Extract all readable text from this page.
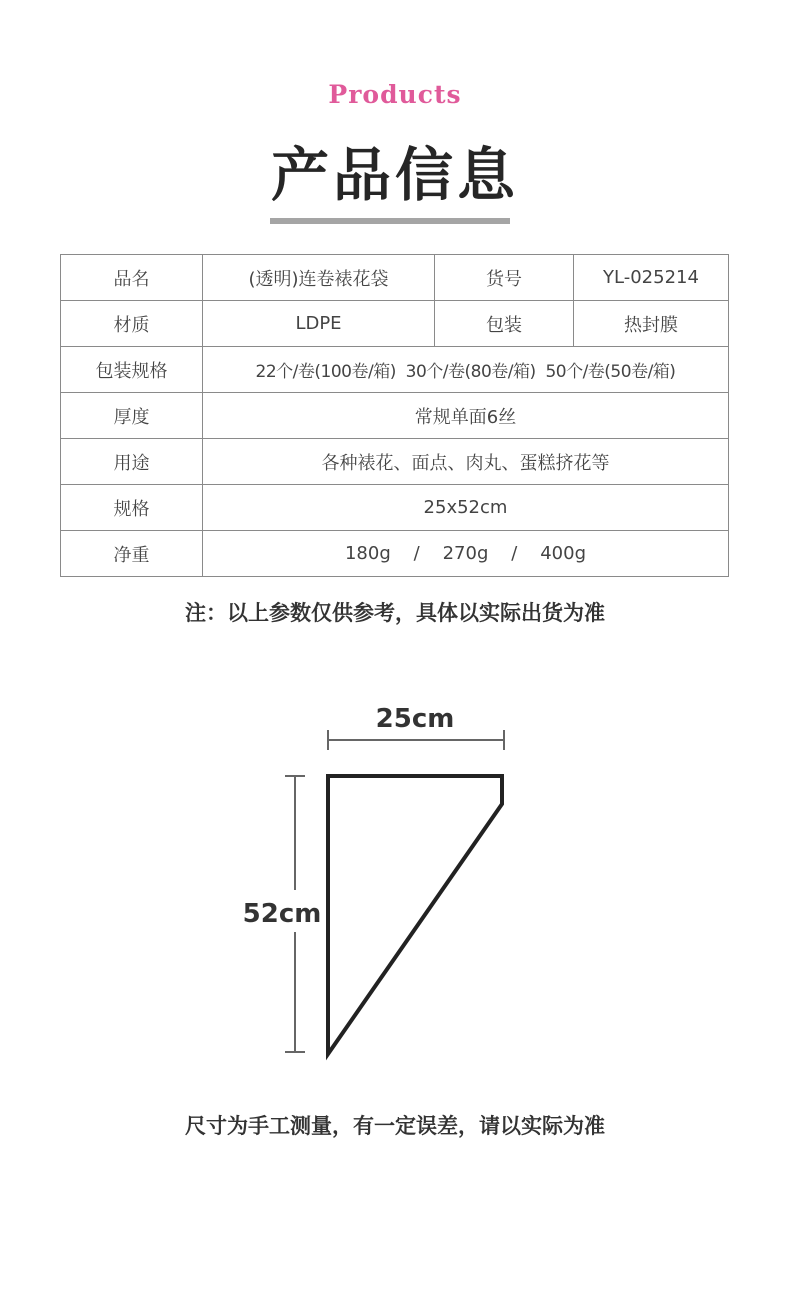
Products
产品信息
品名	(透明)连卷裱花袋	货号	YL-025214
材质	LDPE	包装	热封膜
包装规格	22个/卷(100卷/箱)  30个/卷(80卷/箱)  50个/卷(50卷/箱)		
厚度	常规单面6丝		
用途	各种裱花、面点、肉丸、蛋糕挤花等		
规格	25x52cm		
净重	180g    /    270g    /    400g		
注：以上参数仅供参考，具体以实际出货为准
25cm
52cm
尺寸为手工测量，有一定误差，请以实际为准
